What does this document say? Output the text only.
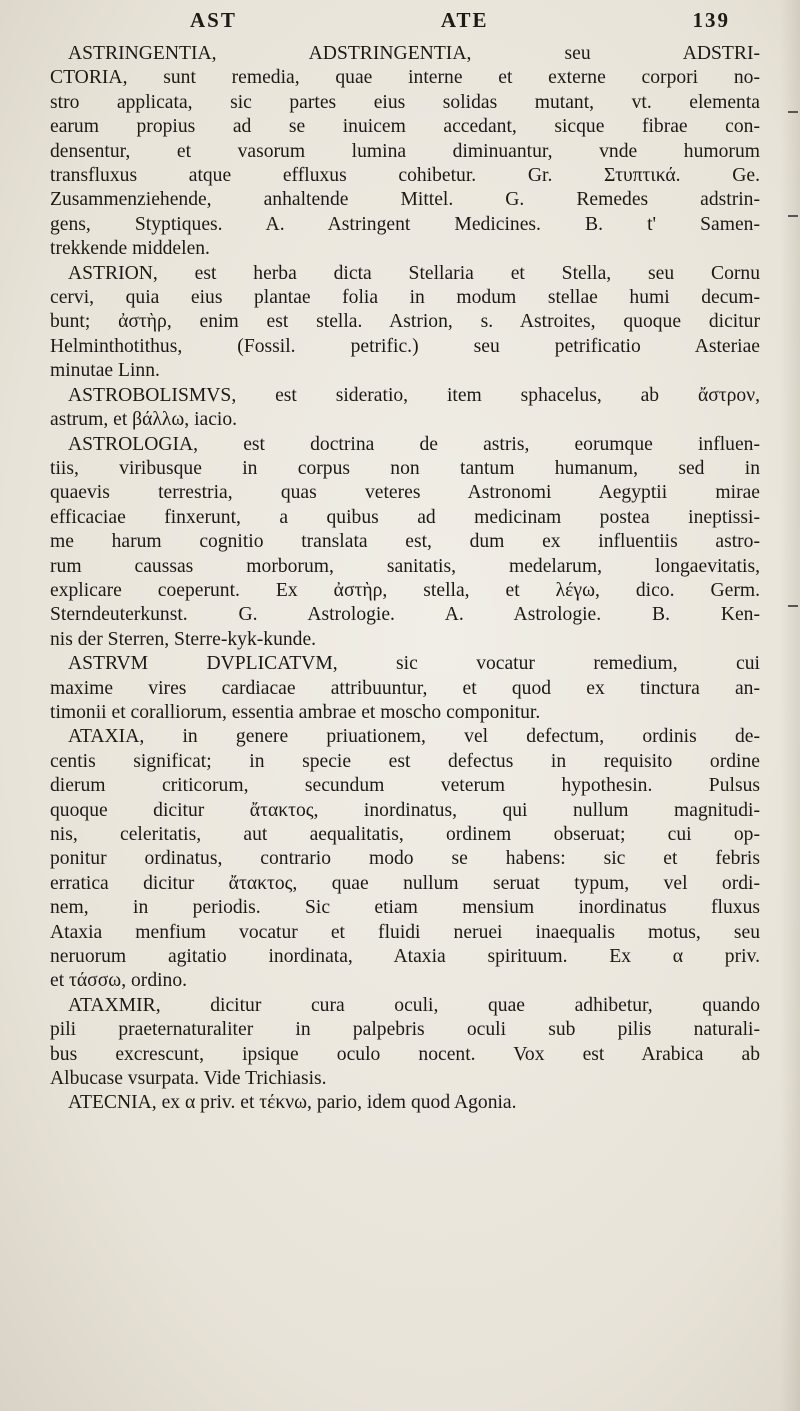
AST	ATE	139
ASTRINGENTIA, ADSTRINGENTIA, seu ADSTRI-
CTORIA, sunt remedia, quae interne et externe corpori no-
stro applicata, sic partes eius solidas mutant, vt. elementa
earum propius ad se inuicem accedant, sicque fibrae con-
densentur, et vasorum lumina diminuantur, vnde humorum
transfluxus atque effluxus cohibetur. Gr. Στυπτικά. Ge.
Zusammenziehende, anhaltende Mittel. G. Remedes adstrin-
gens, Styptiques. A. Astringent Medicines. B. t' Samen-
trekkende middelen.
ASTRION, est herba dicta Stellaria et Stella, seu Cornu
cervi, quia eius plantae folia in modum stellae humi decum-
bunt; ἀστὴρ, enim est stella. Astrion, s. Astroites, quoque dicitur
Helminthotithus, (Fossil. petrific.) seu petrificatio Asteriae
minutae Linn.
ASTROBOLISMVS, est sideratio, item sphacelus, ab ἄστρον,
astrum, et βάλλω, iacio.
ASTROLOGIA, est doctrina de astris, eorumque influen-
tiis, viribusque in corpus non tantum humanum, sed in
quaevis terrestria, quas veteres Astronomi Aegyptii mirae
efficaciae finxerunt, a quibus ad medicinam postea ineptissi-
me harum cognitio translata est, dum ex influentiis astro-
rum caussas morborum, sanitatis, medelarum, longaevitatis,
explicare coeperunt. Ex ἀστὴρ, stella, et λέγω, dico. Germ.
Sterndeuterkunst. G. Astrologie. A. Astrologie. B. Ken-
nis der Sterren, Sterre-kyk-kunde.
ASTRVM DVPLICATVM, sic vocatur remedium, cui
maxime vires cardiacae attribuuntur, et quod ex tinctura an-
timonii et coralliorum, essentia ambrae et moscho componitur.
ATAXIA, in genere priuationem, vel defectum, ordinis de-
centis significat; in specie est defectus in requisito ordine
dierum criticorum, secundum veterum hypothesin. Pulsus
quoque dicitur ἄτακτος, inordinatus, qui nullum magnitudi-
nis, celeritatis, aut aequalitatis, ordinem obseruat; cui op-
ponitur ordinatus, contrario modo se habens: sic et febris
erratica dicitur ἄτακτος, quae nullum seruat typum, vel ordi-
nem, in periodis. Sic etiam mensium inordinatus fluxus
Ataxia menfium vocatur et fluidi neruei inaequalis motus, seu
neruorum agitatio inordinata, Ataxia spirituum. Ex α priv.
et τάσσω, ordino.
ATAXMIR, dicitur cura oculi, quae adhibetur, quando
pili praeternaturaliter in palpebris oculi sub pilis naturali-
bus excrescunt, ipsique oculo nocent. Vox est Arabica ab
Albucase vsurpata. Vide Trichiasis.
ATECNIA, ex α priv. et τέκνω, pario, idem quod Agonia.
